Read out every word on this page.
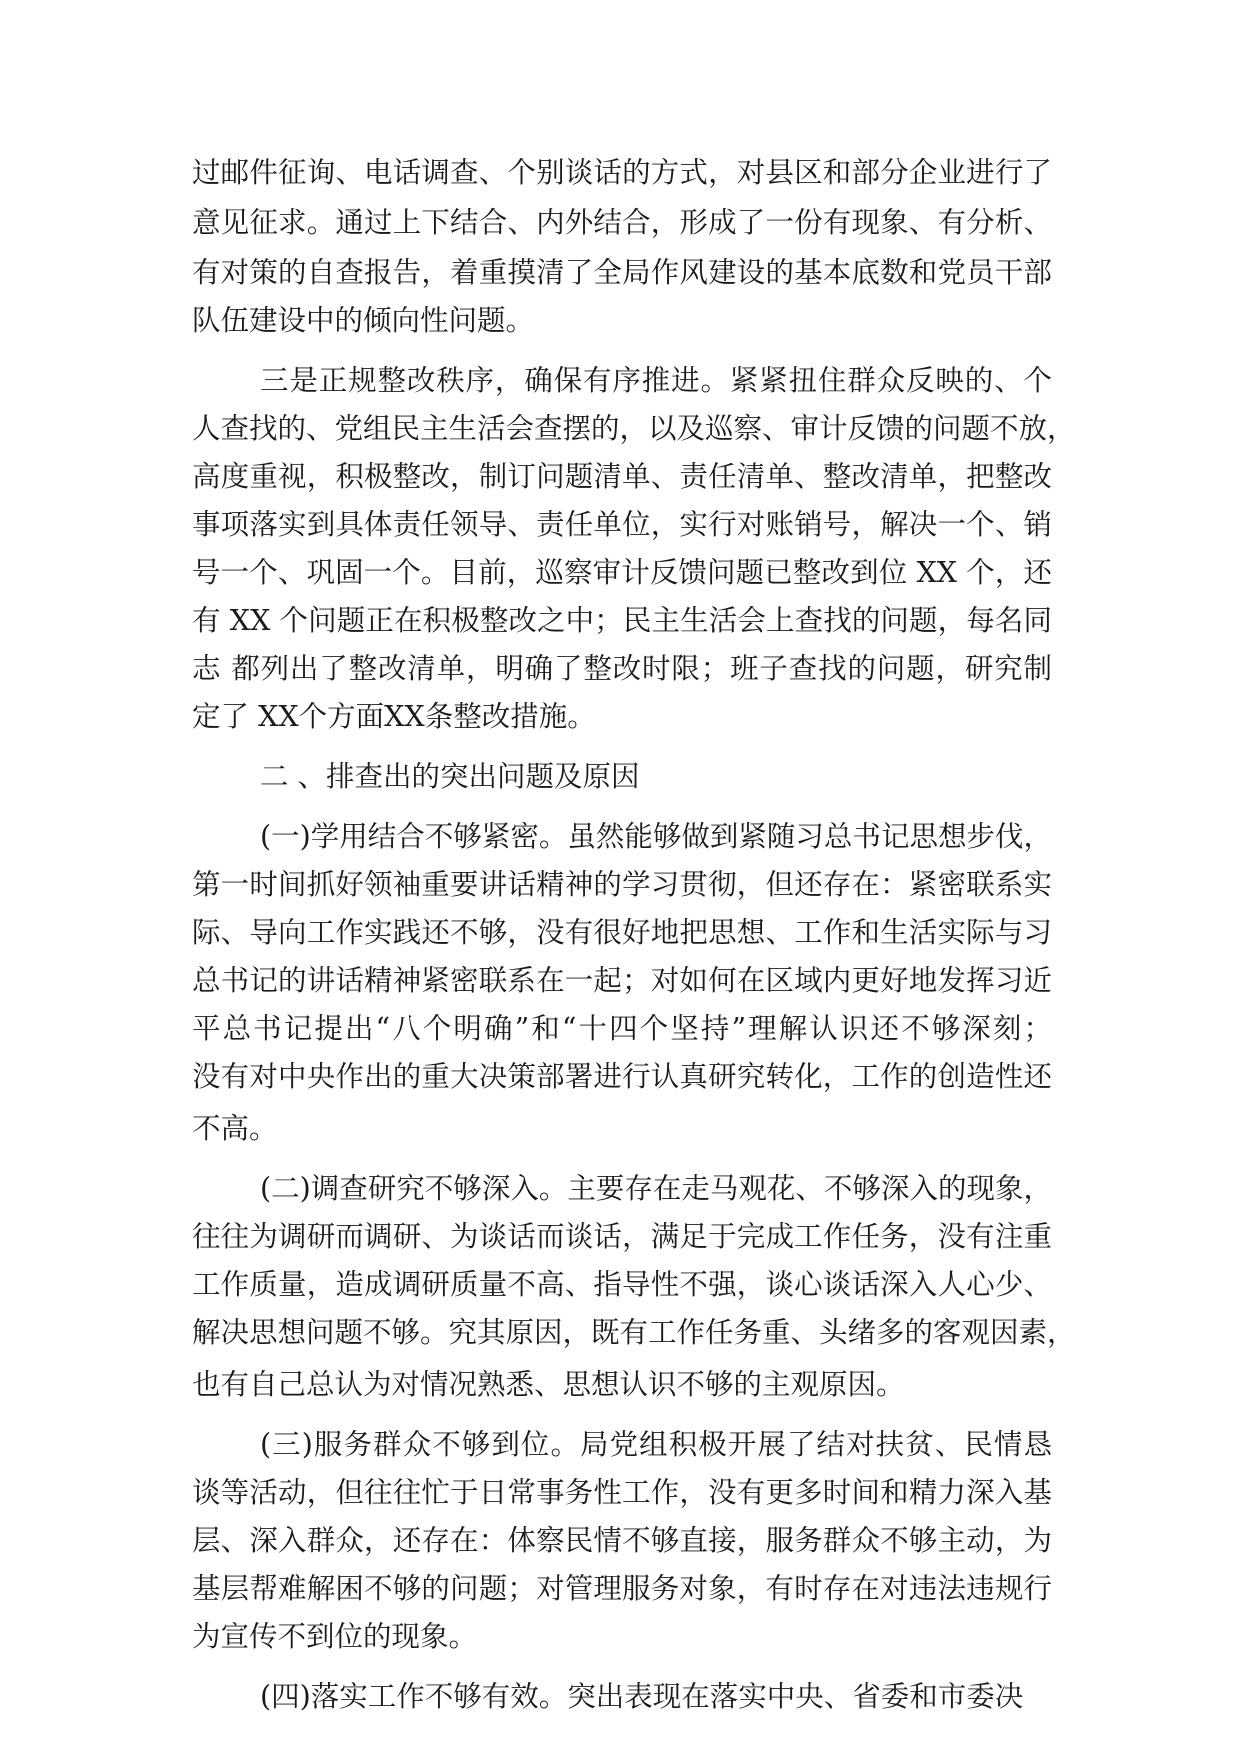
过邮件征询、电话调查、个别谈话的方式，对县区和部分企业进行了
意见征求。通过上下结合、内外结合，形成了一份有现象、有分析、
有对策的自查报告，着重摸清了全局作风建设的基本底数和党员干部
队伍建设中的倾向性问题。
三是正规整改秩序，确保有序推进。紧紧扭住群众反映的、个
人查找的、党组民主生活会查摆的，以及巡察、审计反馈的问题不放，
高度重视，积极整改，制订问题清单、责任清单、整改清单，把整改
事项落实到具体责任领导、责任单位，实行对账销号，解决一个、销
号一个、巩固一个。目前，巡察审计反馈问题已整改到位 XX 个，还
有 XX 个问题正在积极整改之中；民主生活会上查找的问题，每名同
志 都列出了整改清单，明确了整改时限；班子查找的问题，研究制
定了 XX个方面XX条整改措施。
二 、排查出的突出问题及原因
(一)学用结合不够紧密。虽然能够做到紧随习总书记思想步伐，
第一时间抓好领袖重要讲话精神的学习贯彻，但还存在：紧密联系实
际、导向工作实践还不够，没有很好地把思想、工作和生活实际与习
总书记的讲话精神紧密联系在一起；对如何在区域内更好地发挥习近
平总书记提出“八个明确”和“十四个坚持”理解认识还不够深刻；
没有对中央作出的重大决策部署进行认真研究转化，工作的创造性还
不高。
(二)调查研究不够深入。主要存在走马观花、不够深入的现象，
往往为调研而调研、为谈话而谈话，满足于完成工作任务，没有注重
工作质量，造成调研质量不高、指导性不强，谈心谈话深入人心少、
解决思想问题不够。究其原因，既有工作任务重、头绪多的客观因素，
也有自己总认为对情况熟悉、思想认识不够的主观原因。
(三)服务群众不够到位。局党组积极开展了结对扶贫、民情恳
谈等活动，但往往忙于日常事务性工作，没有更多时间和精力深入基
层、深入群众，还存在：体察民情不够直接，服务群众不够主动，为
基层帮难解困不够的问题；对管理服务对象，有时存在对违法违规行
为宣传不到位的现象。
(四)落实工作不够有效。突出表现在落实中央、省委和市委决
